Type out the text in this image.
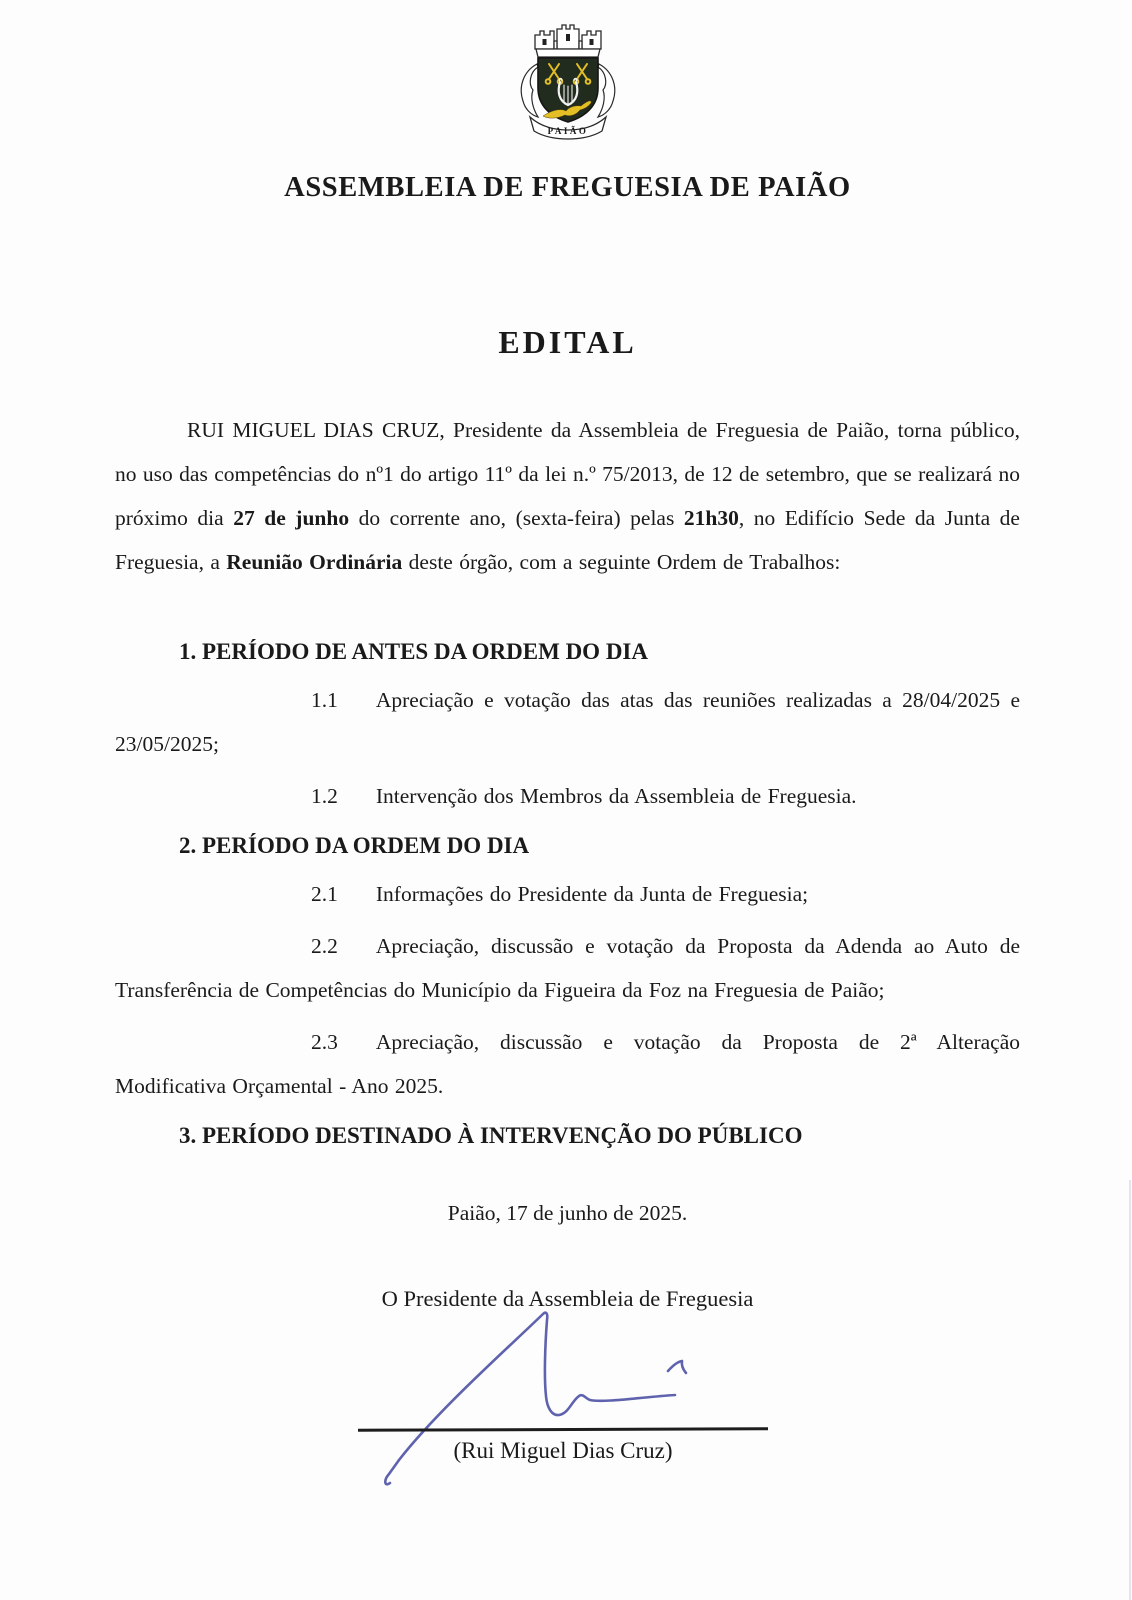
PAIÃO
ASSEMBLEIA DE FREGUESIA DE PAIÃO
EDITAL

RUI MIGUEL DIAS CRUZ, Presidente da Assembleia de Freguesia de Paião, torna público, no uso das competências do nº1 do artigo 11º da lei n.º 75/2013, de 12 de setembro, que se realizará no próximo dia 27 de junho do corrente ano, (sexta-feira) pelas 21h30, no Edifício Sede da Junta de Freguesia, a Reunião Ordinária deste órgão, com a seguinte Ordem de Trabalhos:

1. PERÍODO DE ANTES DA ORDEM DO DIA

1.1 Apreciação e votação das atas das reuniões realizadas a 28/04/2025 e 23/05/2025;

1.2 Intervenção dos Membros da Assembleia de Freguesia.

2. PERÍODO DA ORDEM DO DIA

2.1 Informações do Presidente da Junta de Freguesia;

2.2 Apreciação, discussão e votação da Proposta da Adenda ao Auto de Transferência de Competências do Município da Figueira da Foz na Freguesia de Paião;

2.3 Apreciação, discussão e votação da Proposta de 2ª Alteração Modificativa Orçamental - Ano 2025.

3. PERÍODO DESTINADO À INTERVENÇÃO DO PÚBLICO

Paião, 17 de junho de 2025.

O Presidente da Assembleia de Freguesia

(Rui Miguel Dias Cruz)
